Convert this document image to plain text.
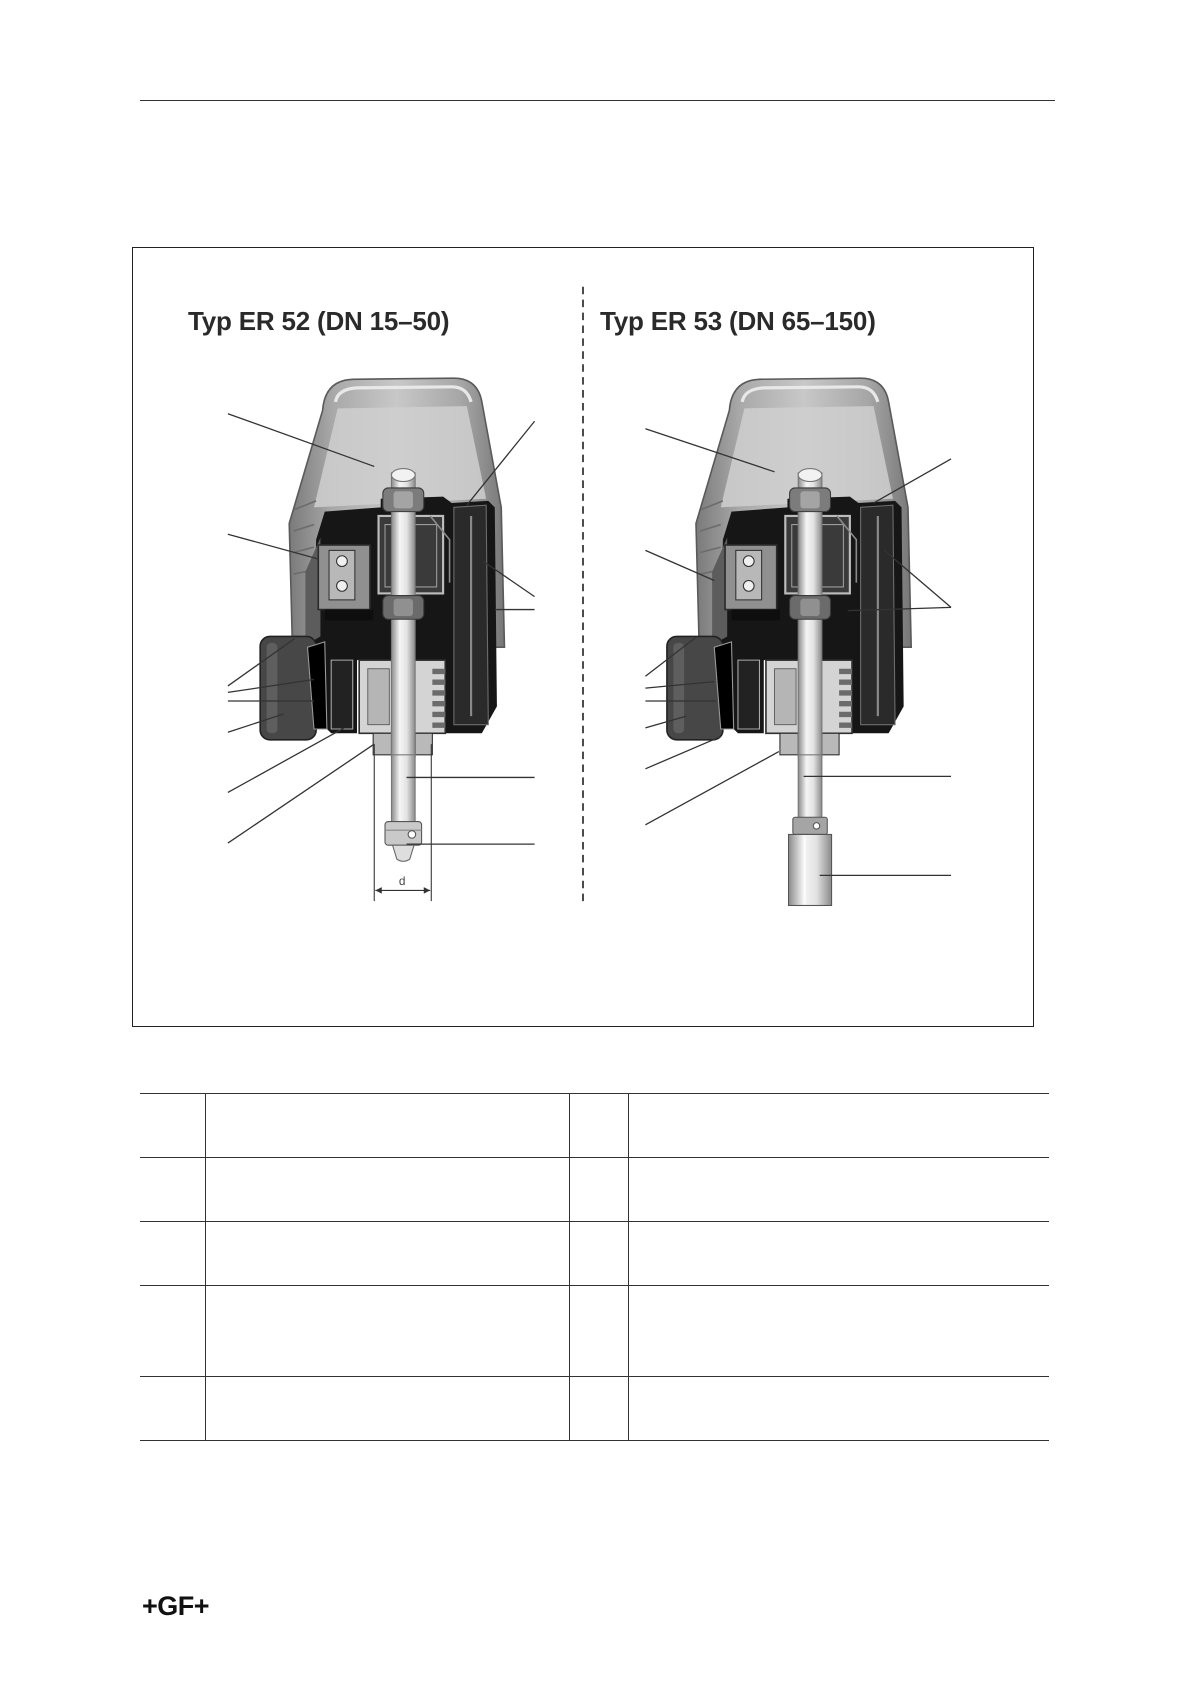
d
Typ ER 52 (DN 15–50)	Typ ER 53 (DN 65–150)

+GF+
